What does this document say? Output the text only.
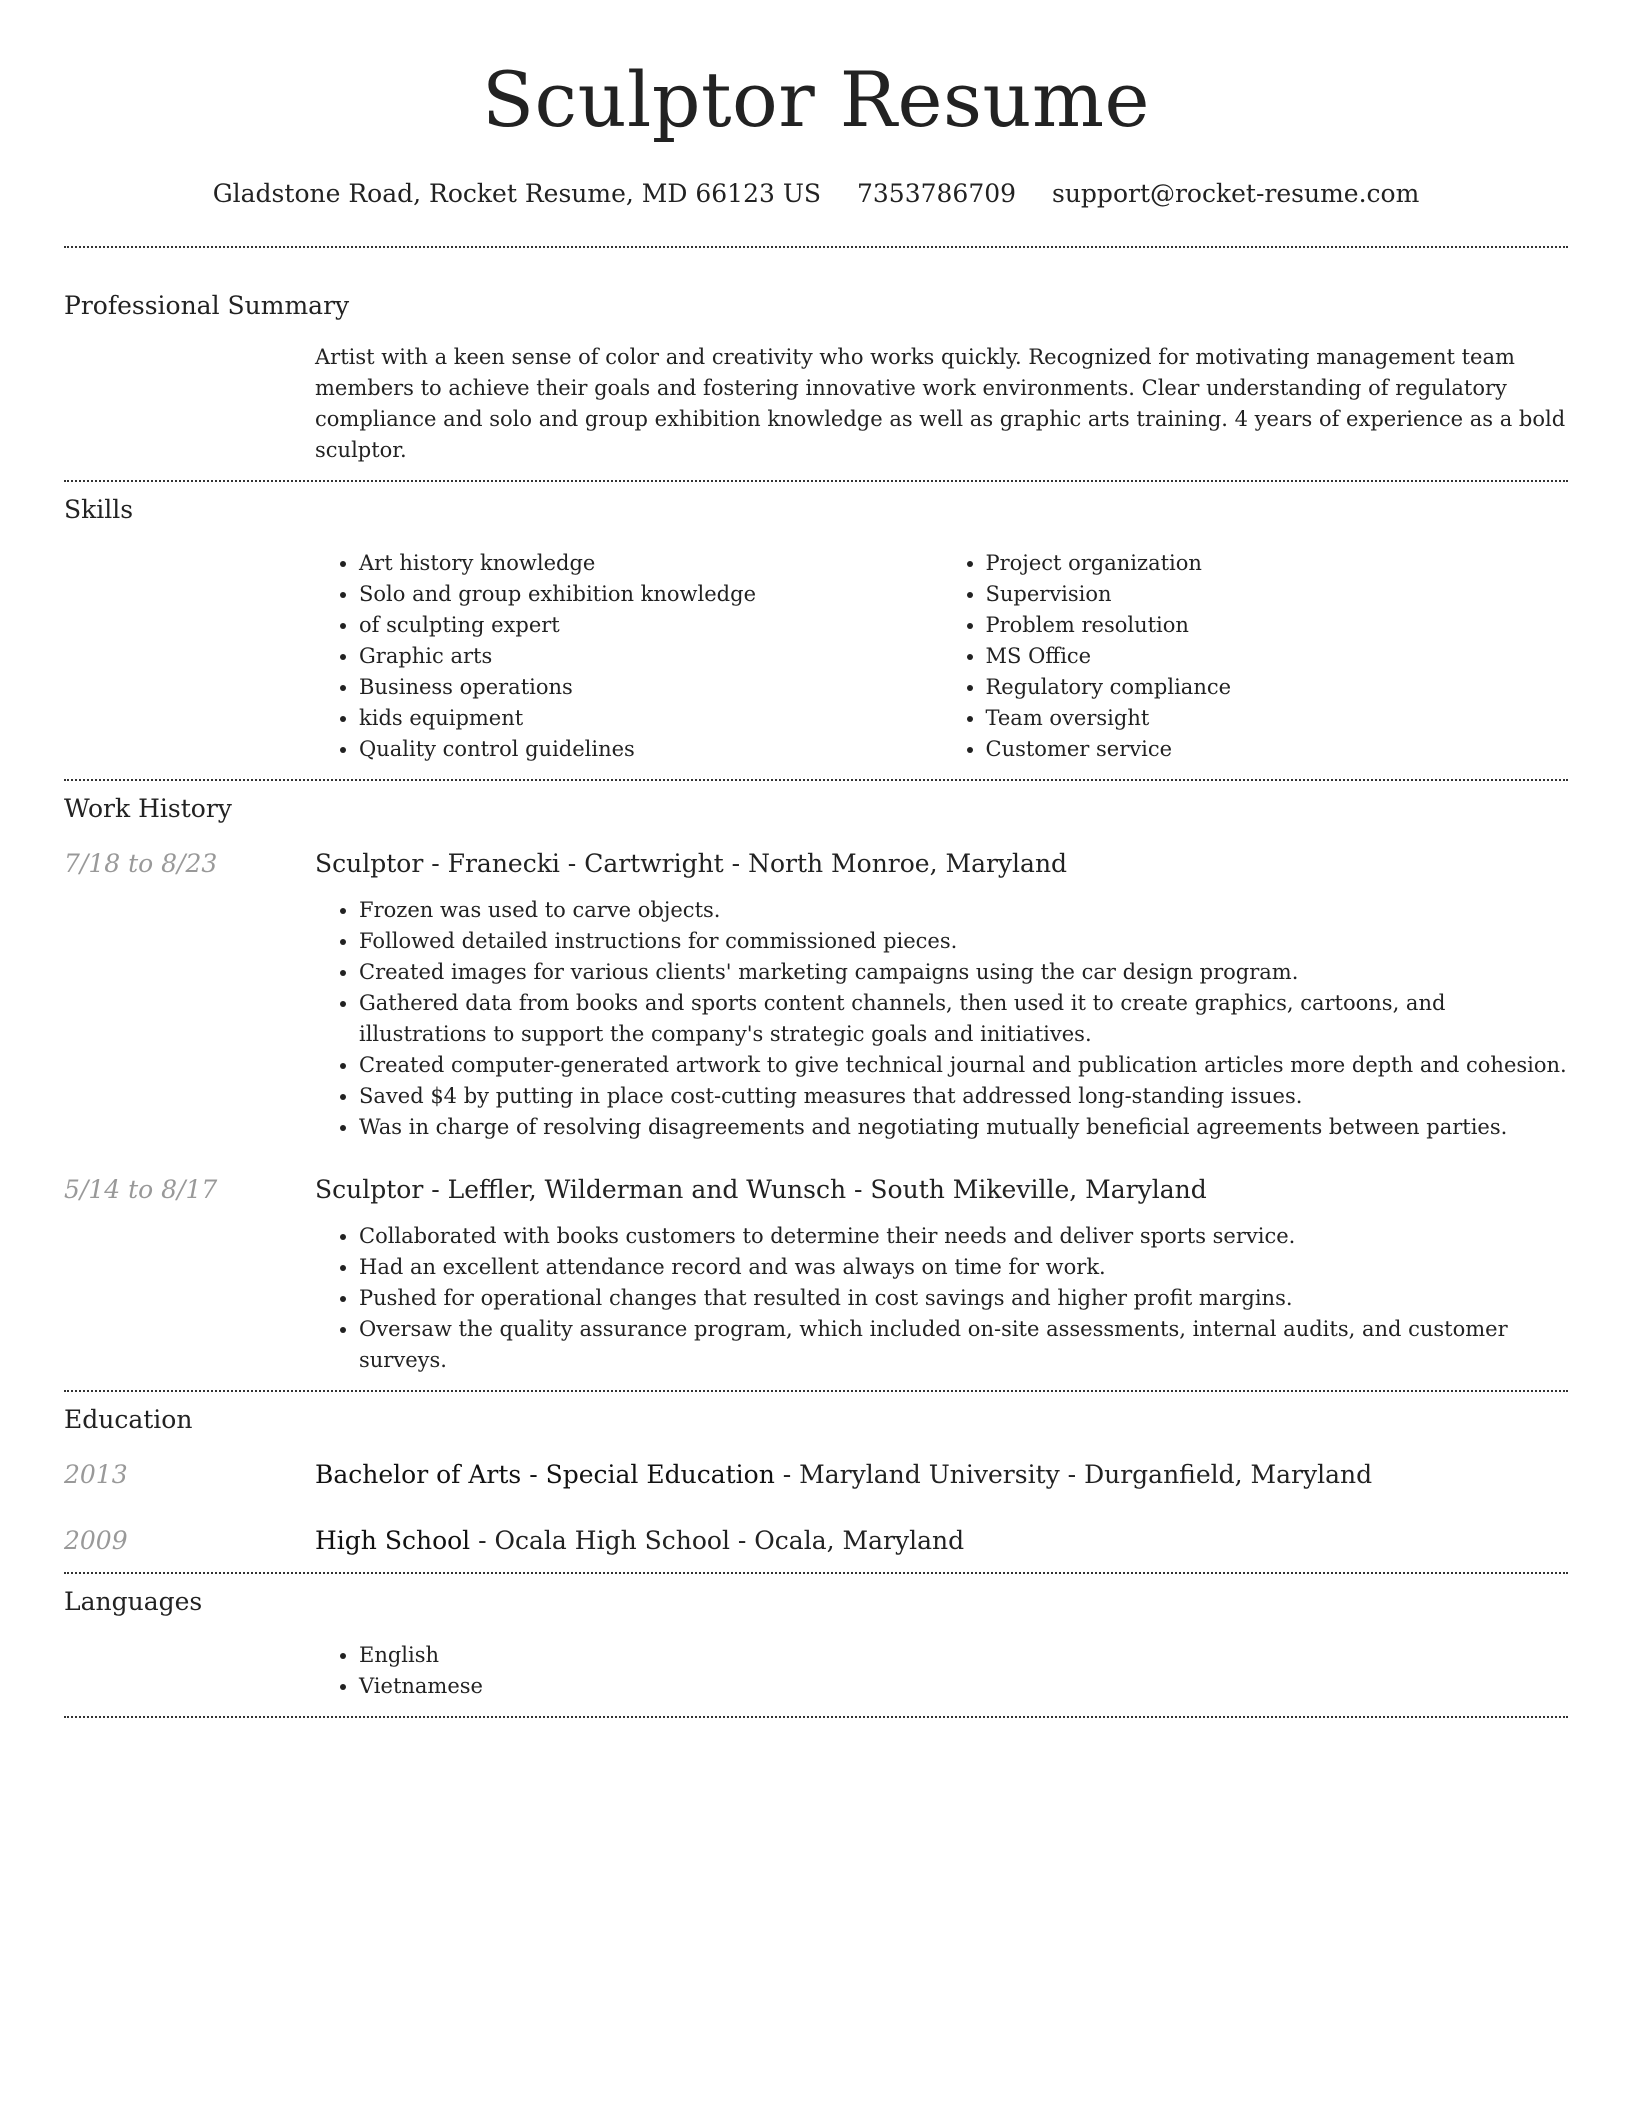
Sculptor Resume
Gladstone Road, Rocket Resume, MD 66123 US 7353786709 support@rocket-resume.com
Professional Summary
Artist with a keen sense of color and creativity who works quickly. Recognized for motivating management team members to achieve their goals and fostering innovative work environments. Clear understanding of regulatory compliance and solo and group exhibition knowledge as well as graphic arts training. 4 years of experience as a bold sculptor.
Skills
• Art history knowledge
• Solo and group exhibition knowledge
• of sculpting expert
• Graphic arts
• Business operations
• kids equipment
• Quality control guidelines
• Project organization
• Supervision
• Problem resolution
• MS Office
• Regulatory compliance
• Team oversight
• Customer service
Work History
7/18 to 8/23	Sculptor - Franecki - Cartwright - North Monroe, Maryland
• Frozen was used to carve objects.
• Followed detailed instructions for commissioned pieces.
• Created images for various clients' marketing campaigns using the car design program.
• Gathered data from books and sports content channels, then used it to create graphics, cartoons, and illustrations to support the company's strategic goals and initiatives.
• Created computer-generated artwork to give technical journal and publication articles more depth and cohesion.
• Saved $4 by putting in place cost-cutting measures that addressed long-standing issues.
• Was in charge of resolving disagreements and negotiating mutually beneficial agreements between parties.
5/14 to 8/17	Sculptor - Leffler, Wilderman and Wunsch - South Mikeville, Maryland
• Collaborated with books customers to determine their needs and deliver sports service.
• Had an excellent attendance record and was always on time for work.
• Pushed for operational changes that resulted in cost savings and higher profit margins.
• Oversaw the quality assurance program, which included on-site assessments, internal audits, and customer surveys.
Education
2013	Bachelor of Arts - Special Education - Maryland University - Durganfield, Maryland
2009	High School - Ocala High School - Ocala, Maryland
Languages
• English
• Vietnamese
